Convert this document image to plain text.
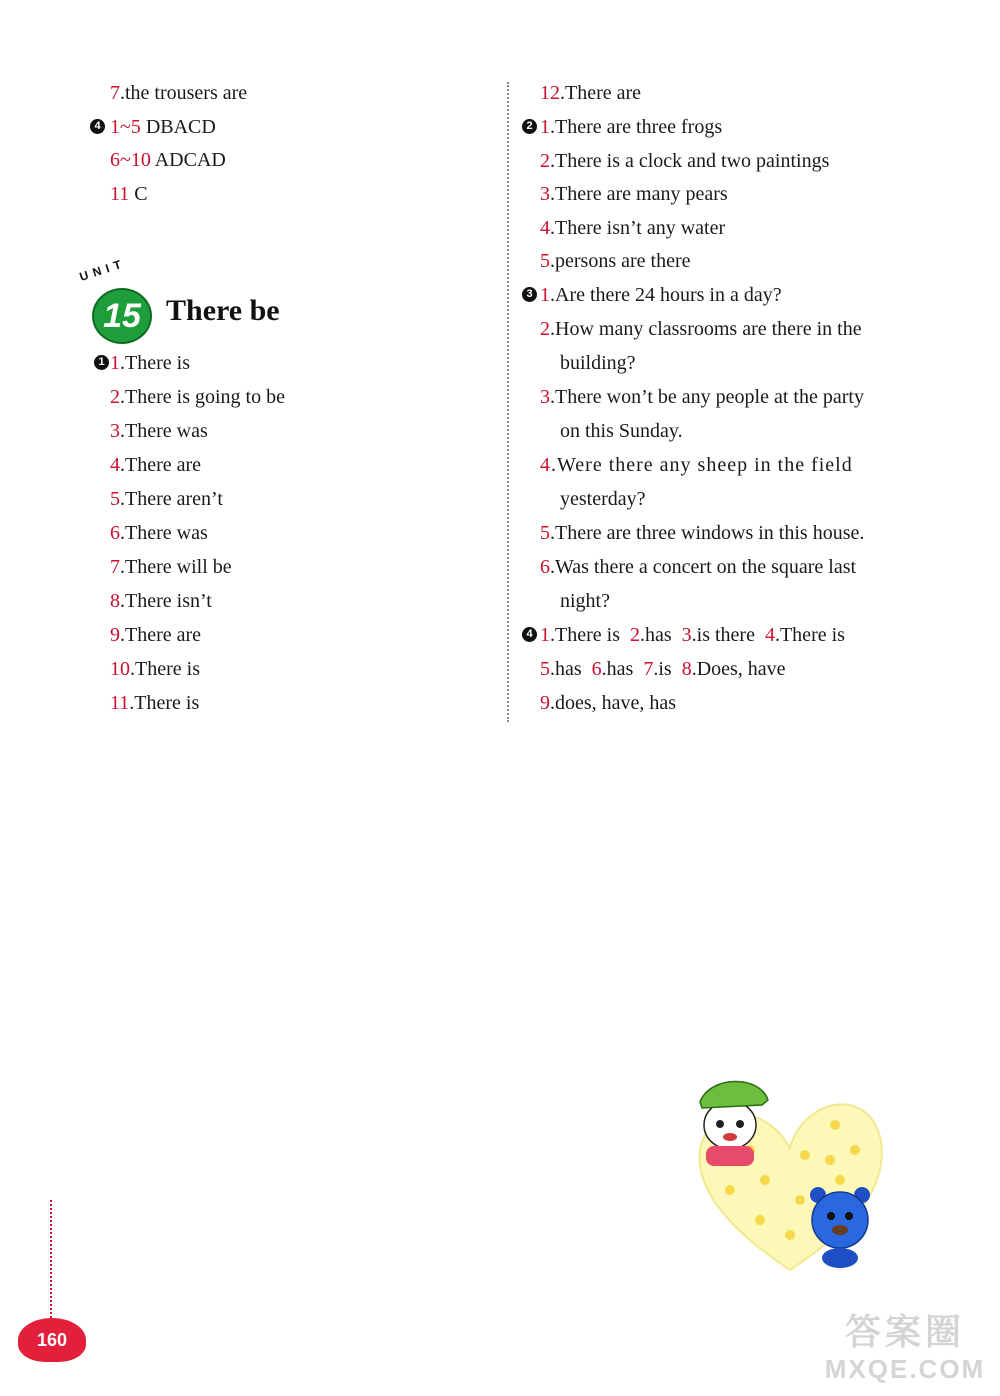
7.the trousers are
4 1~5 DBACD
6~10 ADCAD
11 C
UNIT
15 There be
1 1.There is
2.There is going to be
3.There was
4.There are
5.There aren’t
6.There was
7.There will be
8.There isn’t
9.There are
10.There is
11.There is
12.There are
2 1.There are three frogs
2.There is a clock and two paintings
3.There are many pears
4.There isn’t any water
5.persons are there
3 1.Are there 24 hours in a day?
2.How many classrooms are there in the
building?
3.There won’t be any people at the party
on this Sunday.
4.Were there any sheep in the field
yesterday?
5.There are three windows in this house.
6.Was there a concert on the square last
night?
4 1.There is 2.has 3.is there 4.There is
5.has 6.has 7.is 8.Does, have
9.does, have, has
160	答案圈
MXQE.COM
